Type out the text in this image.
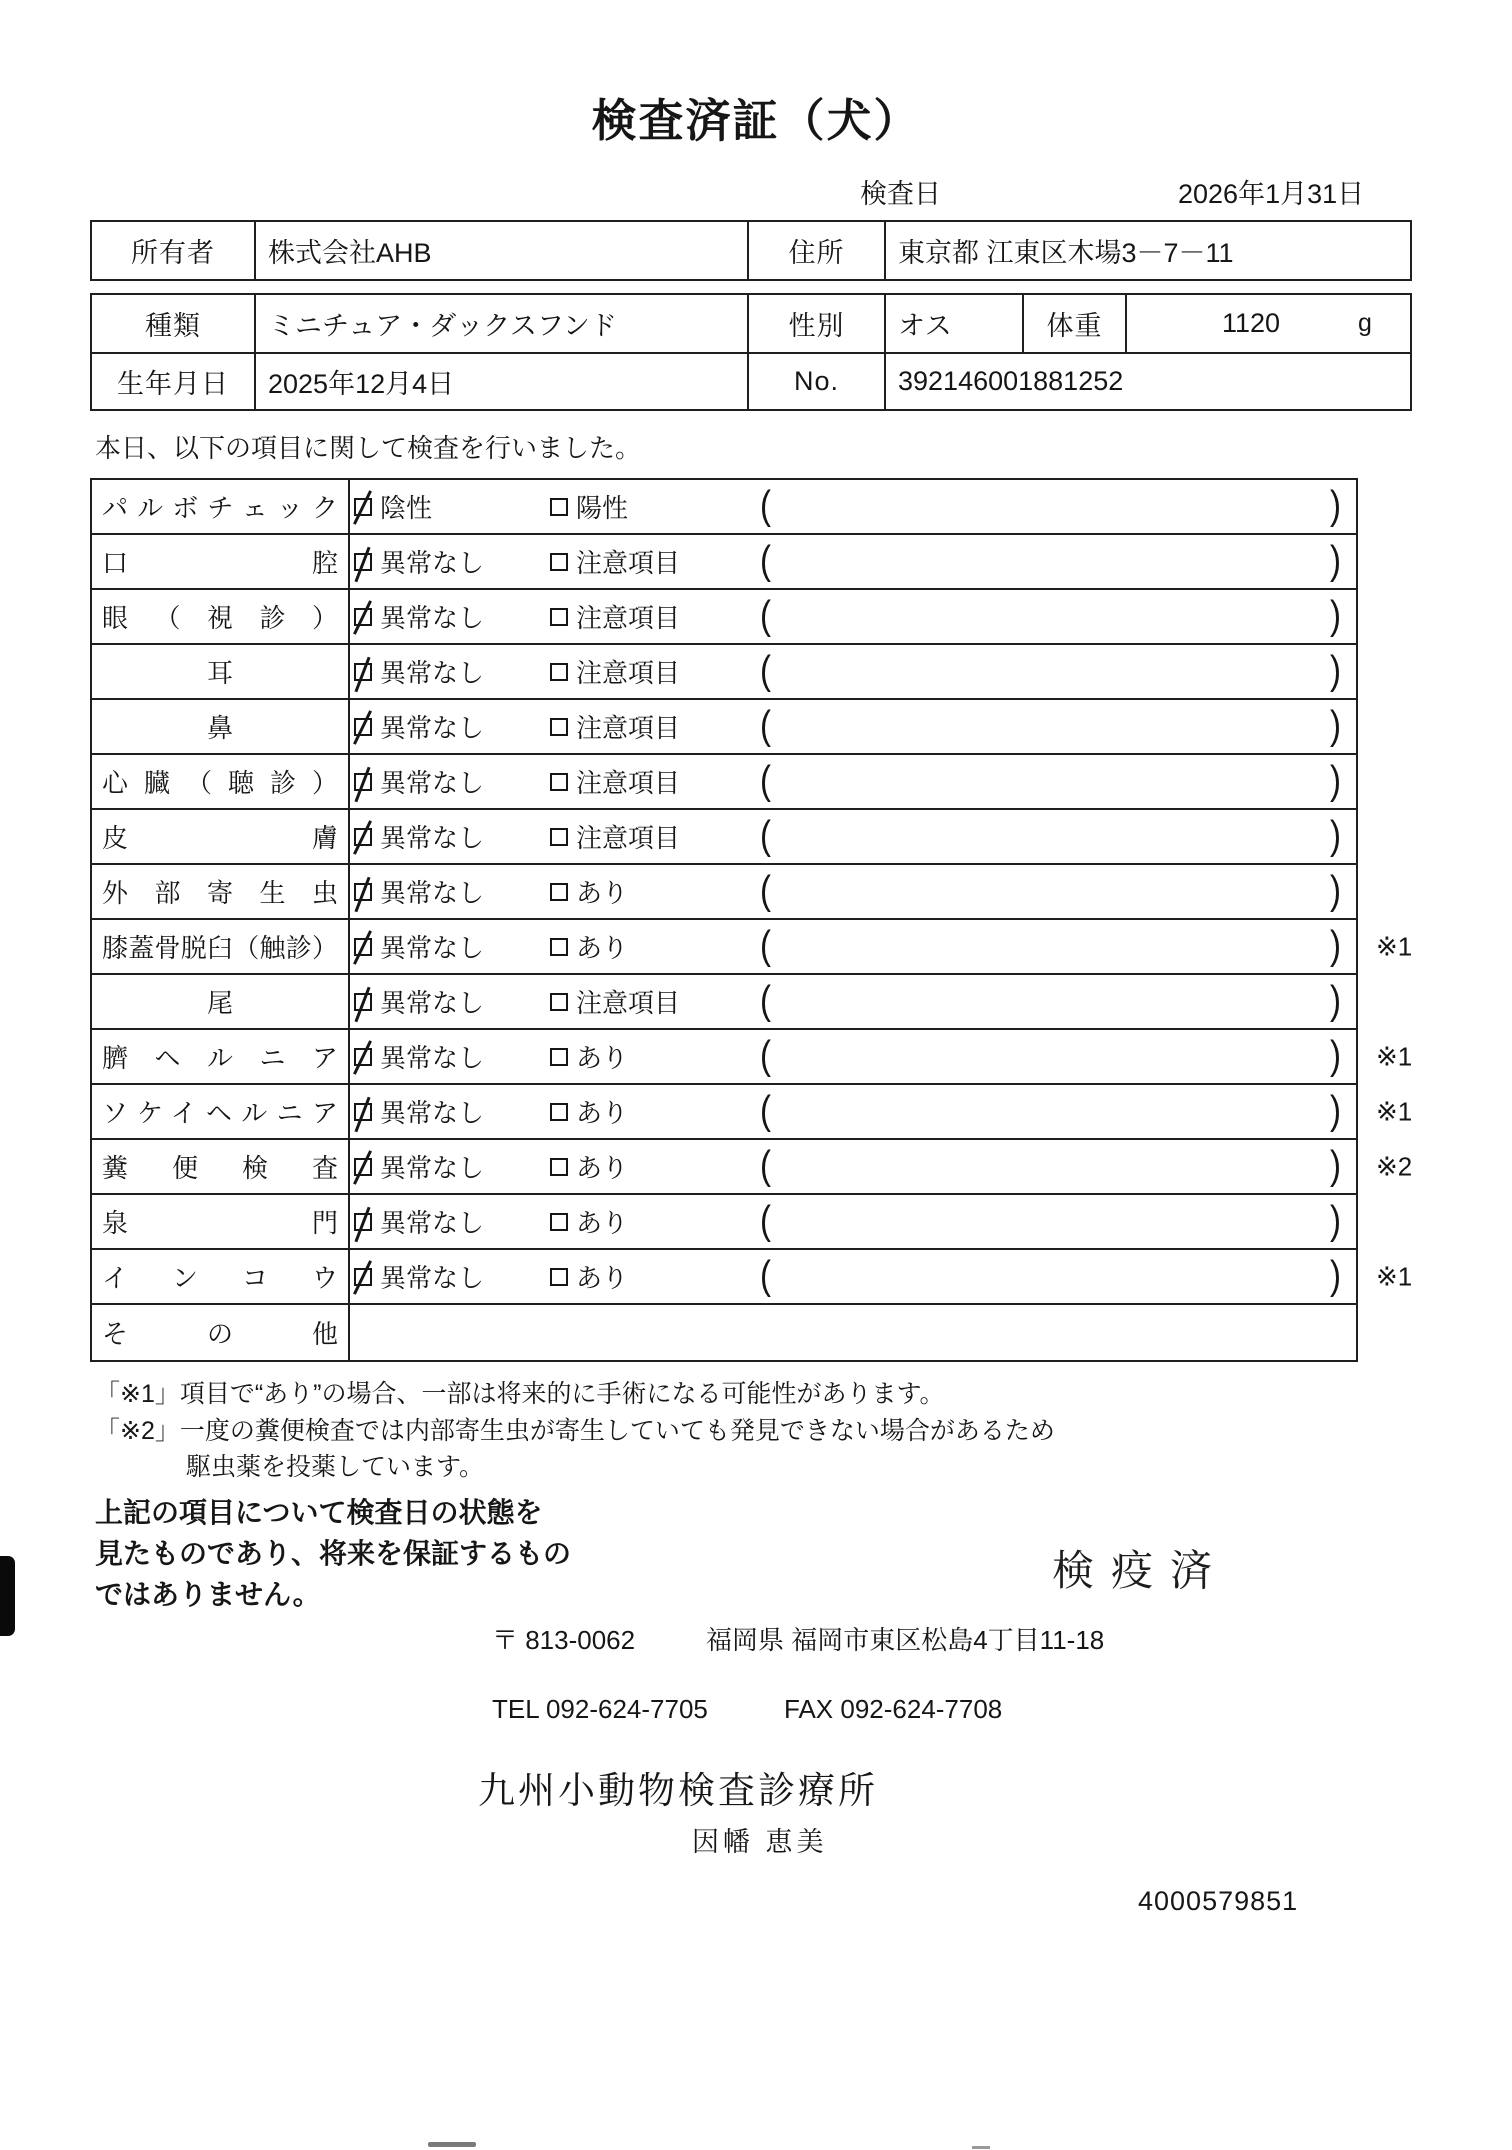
検査済証（犬）
検査日	2026年1月31日
所有者	株式会社AHB	住所	東京都 江東区木場3－7－11
種類	ミニチュア・ダックスフンド	性別	オス	体重	1120	g
生年月日	2025年12月4日	No.	392146001881252
本日、以下の項目に関して検査を行いました。
パルボチェック 陰性	陽性	(	)
口腔 異常なし	注意項目 (	)
眼（視診） 異常なし	注意項目 (	)
耳	異常なし	注意項目 (	)
鼻	異常なし	注意項目 (	)
心臓（聴診） 異常なし	注意項目 (	)
皮膚 異常なし	注意項目 (	)
外部寄生虫 異常なし	あり	(	)
膝蓋骨脱臼（触診） 異常なし	あり	(	) ※1
尾	異常なし	注意項目 (	)
臍ヘルニア 異常なし	あり	(	) ※1
ソケイヘルニア 異常なし	あり	(	) ※1
糞便検査 異常なし	あり	(	) ※2
泉門 異常なし	あり	(	)
インコウ 異常なし	あり	(	) ※1
その他
「※1」項目で“あり”の場合、一部は将来的に手術になる可能性があります。
「※2」一度の糞便検査では内部寄生虫が寄生していても発見できない場合があるため
駆虫薬を投薬しています。
上記の項目について検査日の状態を
見たものであり、将来を保証するもの
ではありません。
検疫済
〒 813-0062	福岡県 福岡市東区松島4丁目11-18
TEL 092-624-7705	FAX 092-624-7708
九州小動物検査診療所
因幡 恵美
4000579851
